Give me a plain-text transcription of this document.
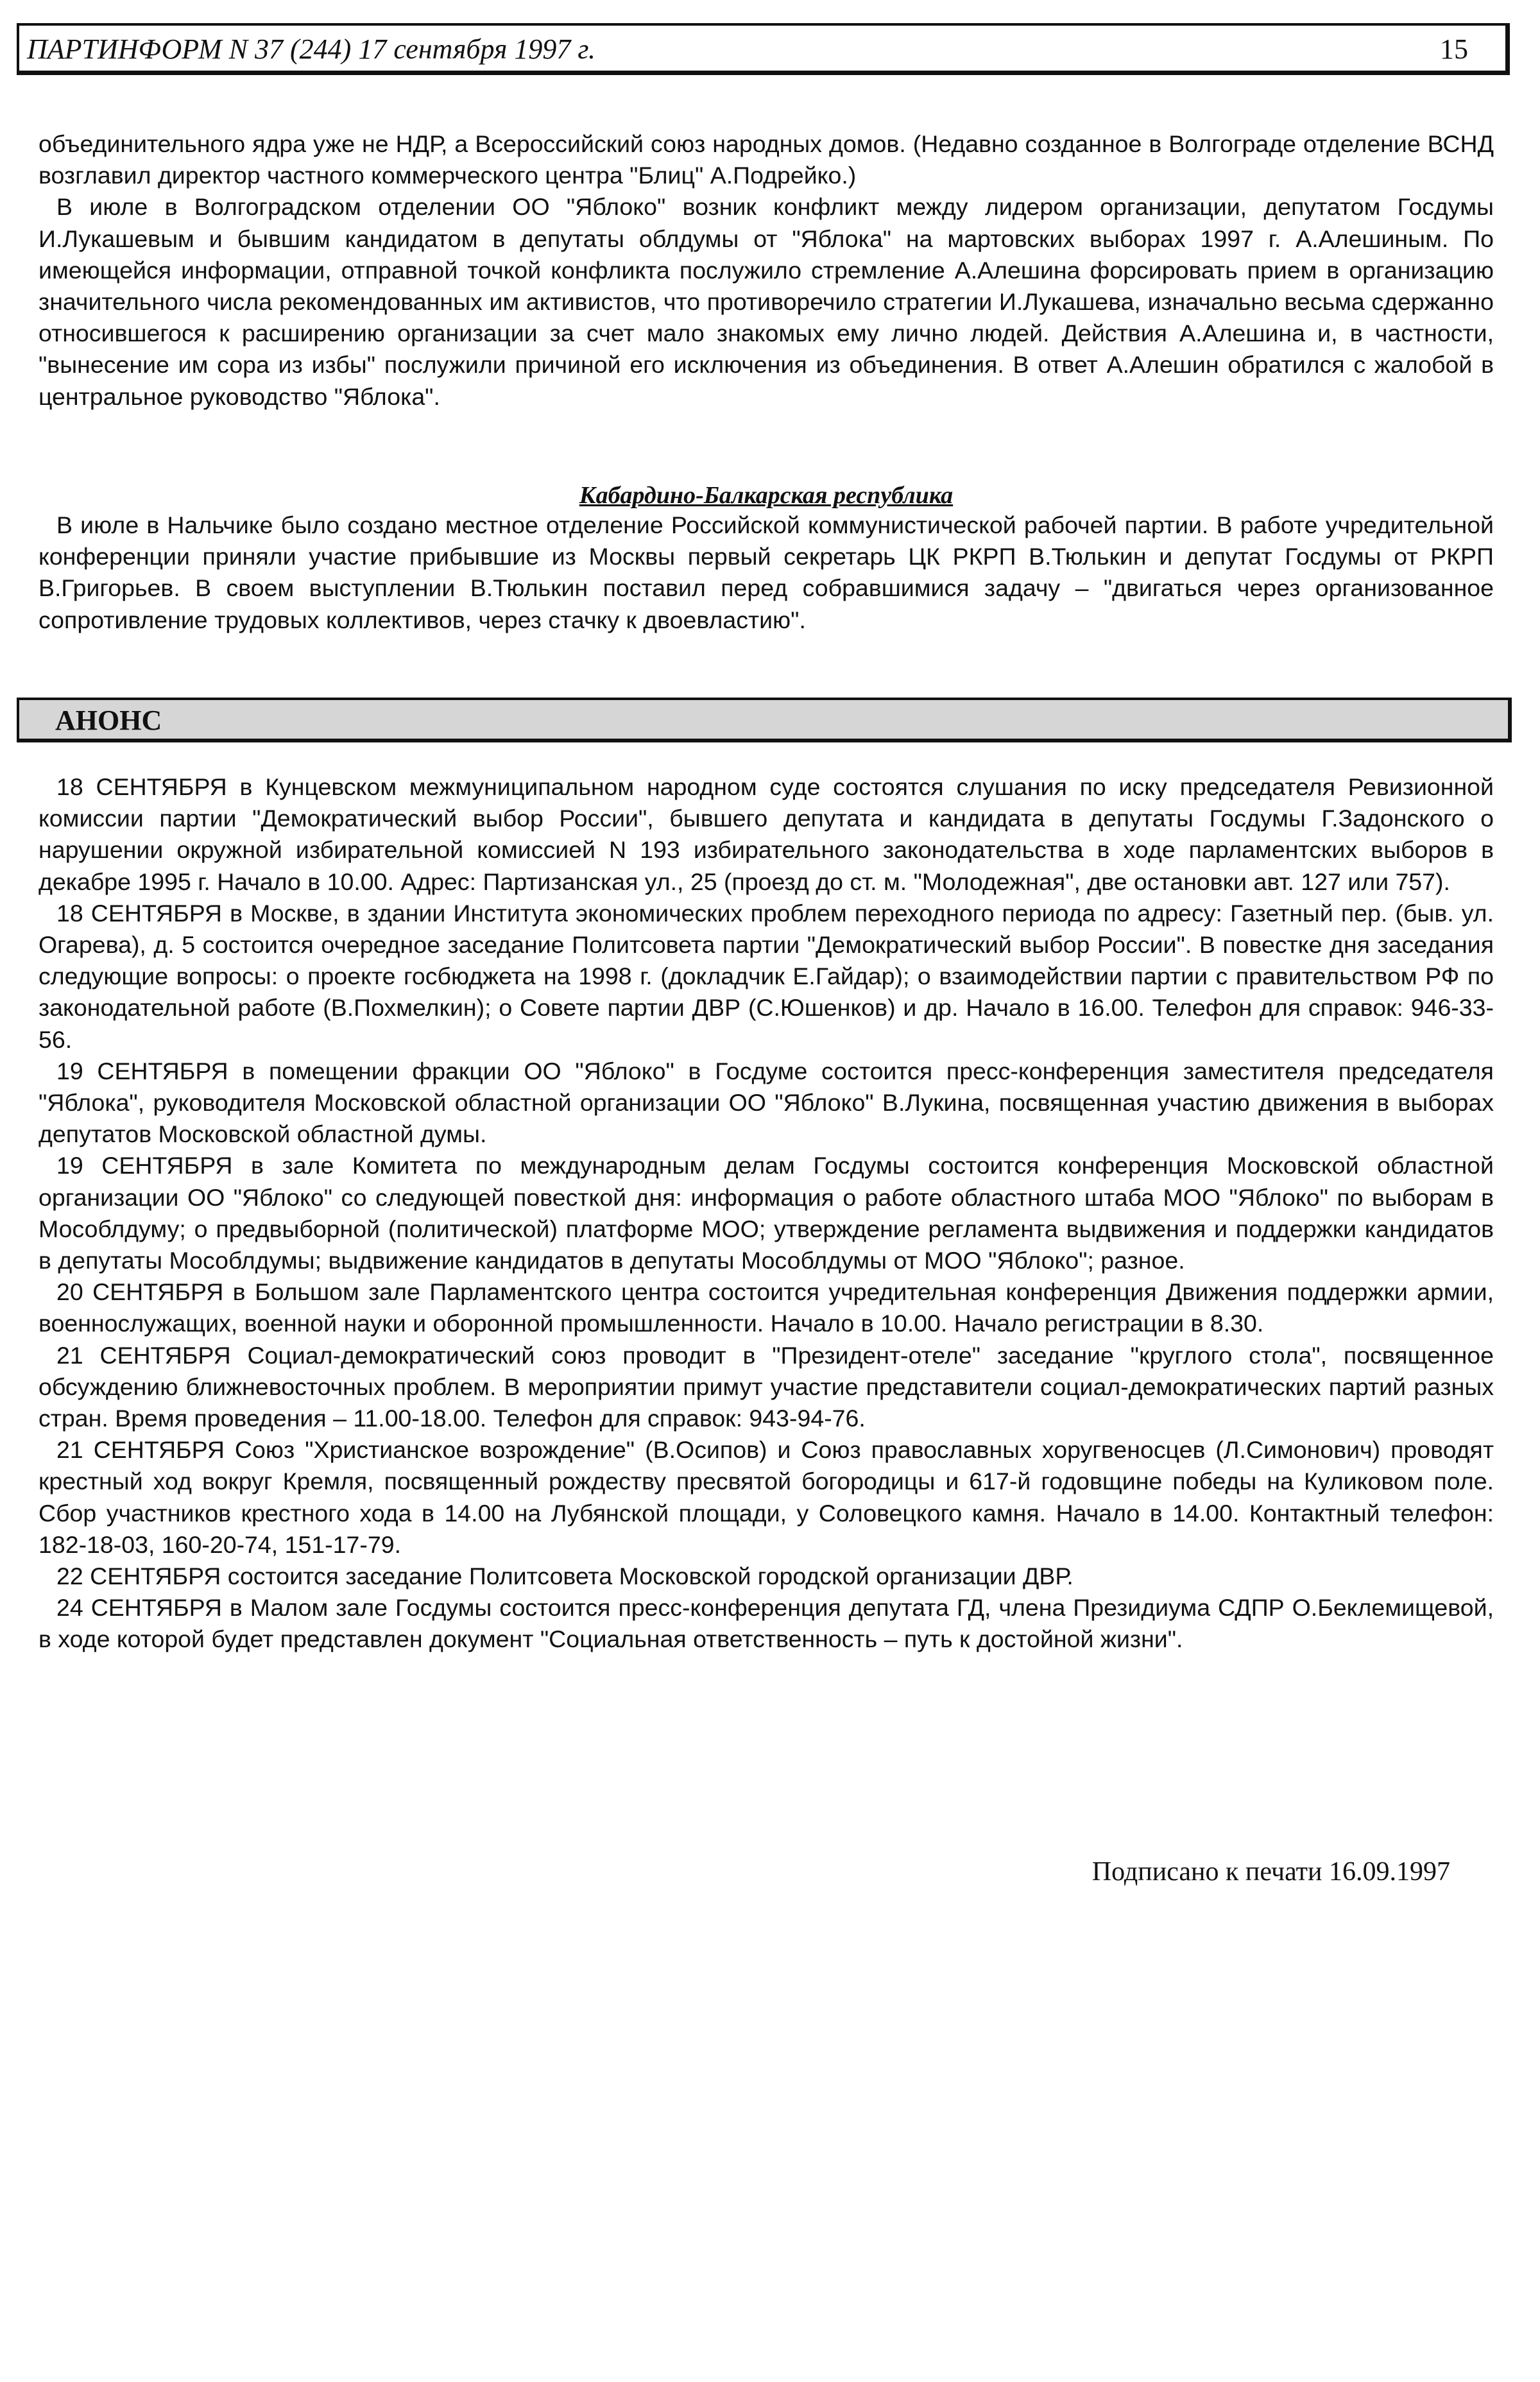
ПАРТИНФОРМ N 37 (244) 17 сентября 1997 г.	15

объединительного ядра уже не НДР, а Всероссийский союз народных домов. (Недавно созданное в Волгограде отделение ВСНД возглавил директор частного коммерческого центра "Блиц" А.Подрейко.)

В июле в Волгоградском отделении ОО "Яблоко" возник конфликт между лидером организации, депутатом Госдумы И.Лукашевым и бывшим кандидатом в депутаты облдумы от "Яблока" на мартовских выборах 1997 г. А.Алешиным. По имеющейся информации, отправной точкой конфликта послужило стремление А.Алешина форсировать прием в организацию значительного числа рекомендованных им активистов, что противоречило стратегии И.Лукашева, изначально весьма сдержанно относившегося к расширению организации за счет мало знакомых ему лично людей. Действия А.Алешина и, в частности, "вынесение им сора из избы" послужили причиной его исключения из объединения. В ответ А.Алешин обратился с жалобой в центральное руководство "Яблока".

Кабардино-Балкарская республика

В июле в Нальчике было создано местное отделение Российской коммунистической рабочей партии. В работе учредительной конференции приняли участие прибывшие из Москвы первый секретарь ЦК РКРП В.Тюлькин и депутат Госдумы от РКРП В.Григорьев. В своем выступлении В.Тюлькин поставил перед собравшимися задачу – "двигаться через организованное сопротивление трудовых коллективов, через стачку к двоевластию".

АНОНС

18 СЕНТЯБРЯ в Кунцевском межмуниципальном народном суде состоятся слушания по иску председателя Ревизионной комиссии партии "Демократический выбор России", бывшего депутата и кандидата в депутаты Госдумы Г.Задонского о нарушении окружной избирательной комиссией N 193 избирательного законодательства в ходе парламентских выборов в декабре 1995 г. Начало в 10.00. Адрес: Партизанская ул., 25 (проезд до ст. м. "Молодежная", две остановки авт. 127 или 757).

18 СЕНТЯБРЯ в Москве, в здании Института экономических проблем переходного периода по адресу: Газетный пер. (быв. ул. Огарева), д. 5 состоится очередное заседание Политсовета партии "Демократический выбор России". В повестке дня заседания следующие вопросы: о проекте госбюджета на 1998 г. (докладчик Е.Гайдар); о взаимодействии партии с правительством РФ по законодательной работе (В.Похмелкин); о Совете партии ДВР (С.Юшенков) и др. Начало в 16.00. Телефон для справок: 946-33-56.

19 СЕНТЯБРЯ в помещении фракции ОО "Яблоко" в Госдуме состоится пресс-конференция заместителя председателя "Яблока", руководителя Московской областной организации ОО "Яблоко" В.Лукина, посвященная участию движения в выборах депутатов Московской областной думы.

19 СЕНТЯБРЯ в зале Комитета по международным делам Госдумы состоится конференция Московской областной организации ОО "Яблоко" со следующей повесткой дня: информация о работе областного штаба МОО "Яблоко" по выборам в Мособлдуму; о предвыборной (политической) платформе МОО; утверждение регламента выдвижения и поддержки кандидатов в депутаты Мособлдумы; выдвижение кандидатов в депутаты Мособлдумы от МОО "Яблоко"; разное.

20 СЕНТЯБРЯ в Большом зале Парламентского центра состоится учредительная конференция Движения поддержки армии, военнослужащих, военной науки и оборонной промышленности. Начало в 10.00. Начало регистрации в 8.30.

21 СЕНТЯБРЯ Социал-демократический союз проводит в "Президент-отеле" заседание "круглого стола", посвященное обсуждению ближневосточных проблем. В мероприятии примут участие представители социал-демократических партий разных стран. Время проведения – 11.00-18.00. Телефон для справок: 943-94-76.

21 СЕНТЯБРЯ Союз "Христианское возрождение" (В.Осипов) и Союз православных хоругвеносцев (Л.Симонович) проводят крестный ход вокруг Кремля, посвященный рождеству пресвятой богородицы и 617-й годовщине победы на Куликовом поле. Сбор участников крестного хода в 14.00 на Лубянской площади, у Соловецкого камня. Начало в 14.00. Контактный телефон: 182-18-03, 160-20-74, 151-17-79.

22 СЕНТЯБРЯ состоится заседание Политсовета Московской городской организации ДВР.

24 СЕНТЯБРЯ в Малом зале Госдумы состоится пресс-конференция депутата ГД, члена Президиума СДПР О.Беклемищевой, в ходе которой будет представлен документ "Социальная ответственность – путь к достойной жизни".

Подписано к печати 16.09.1997
